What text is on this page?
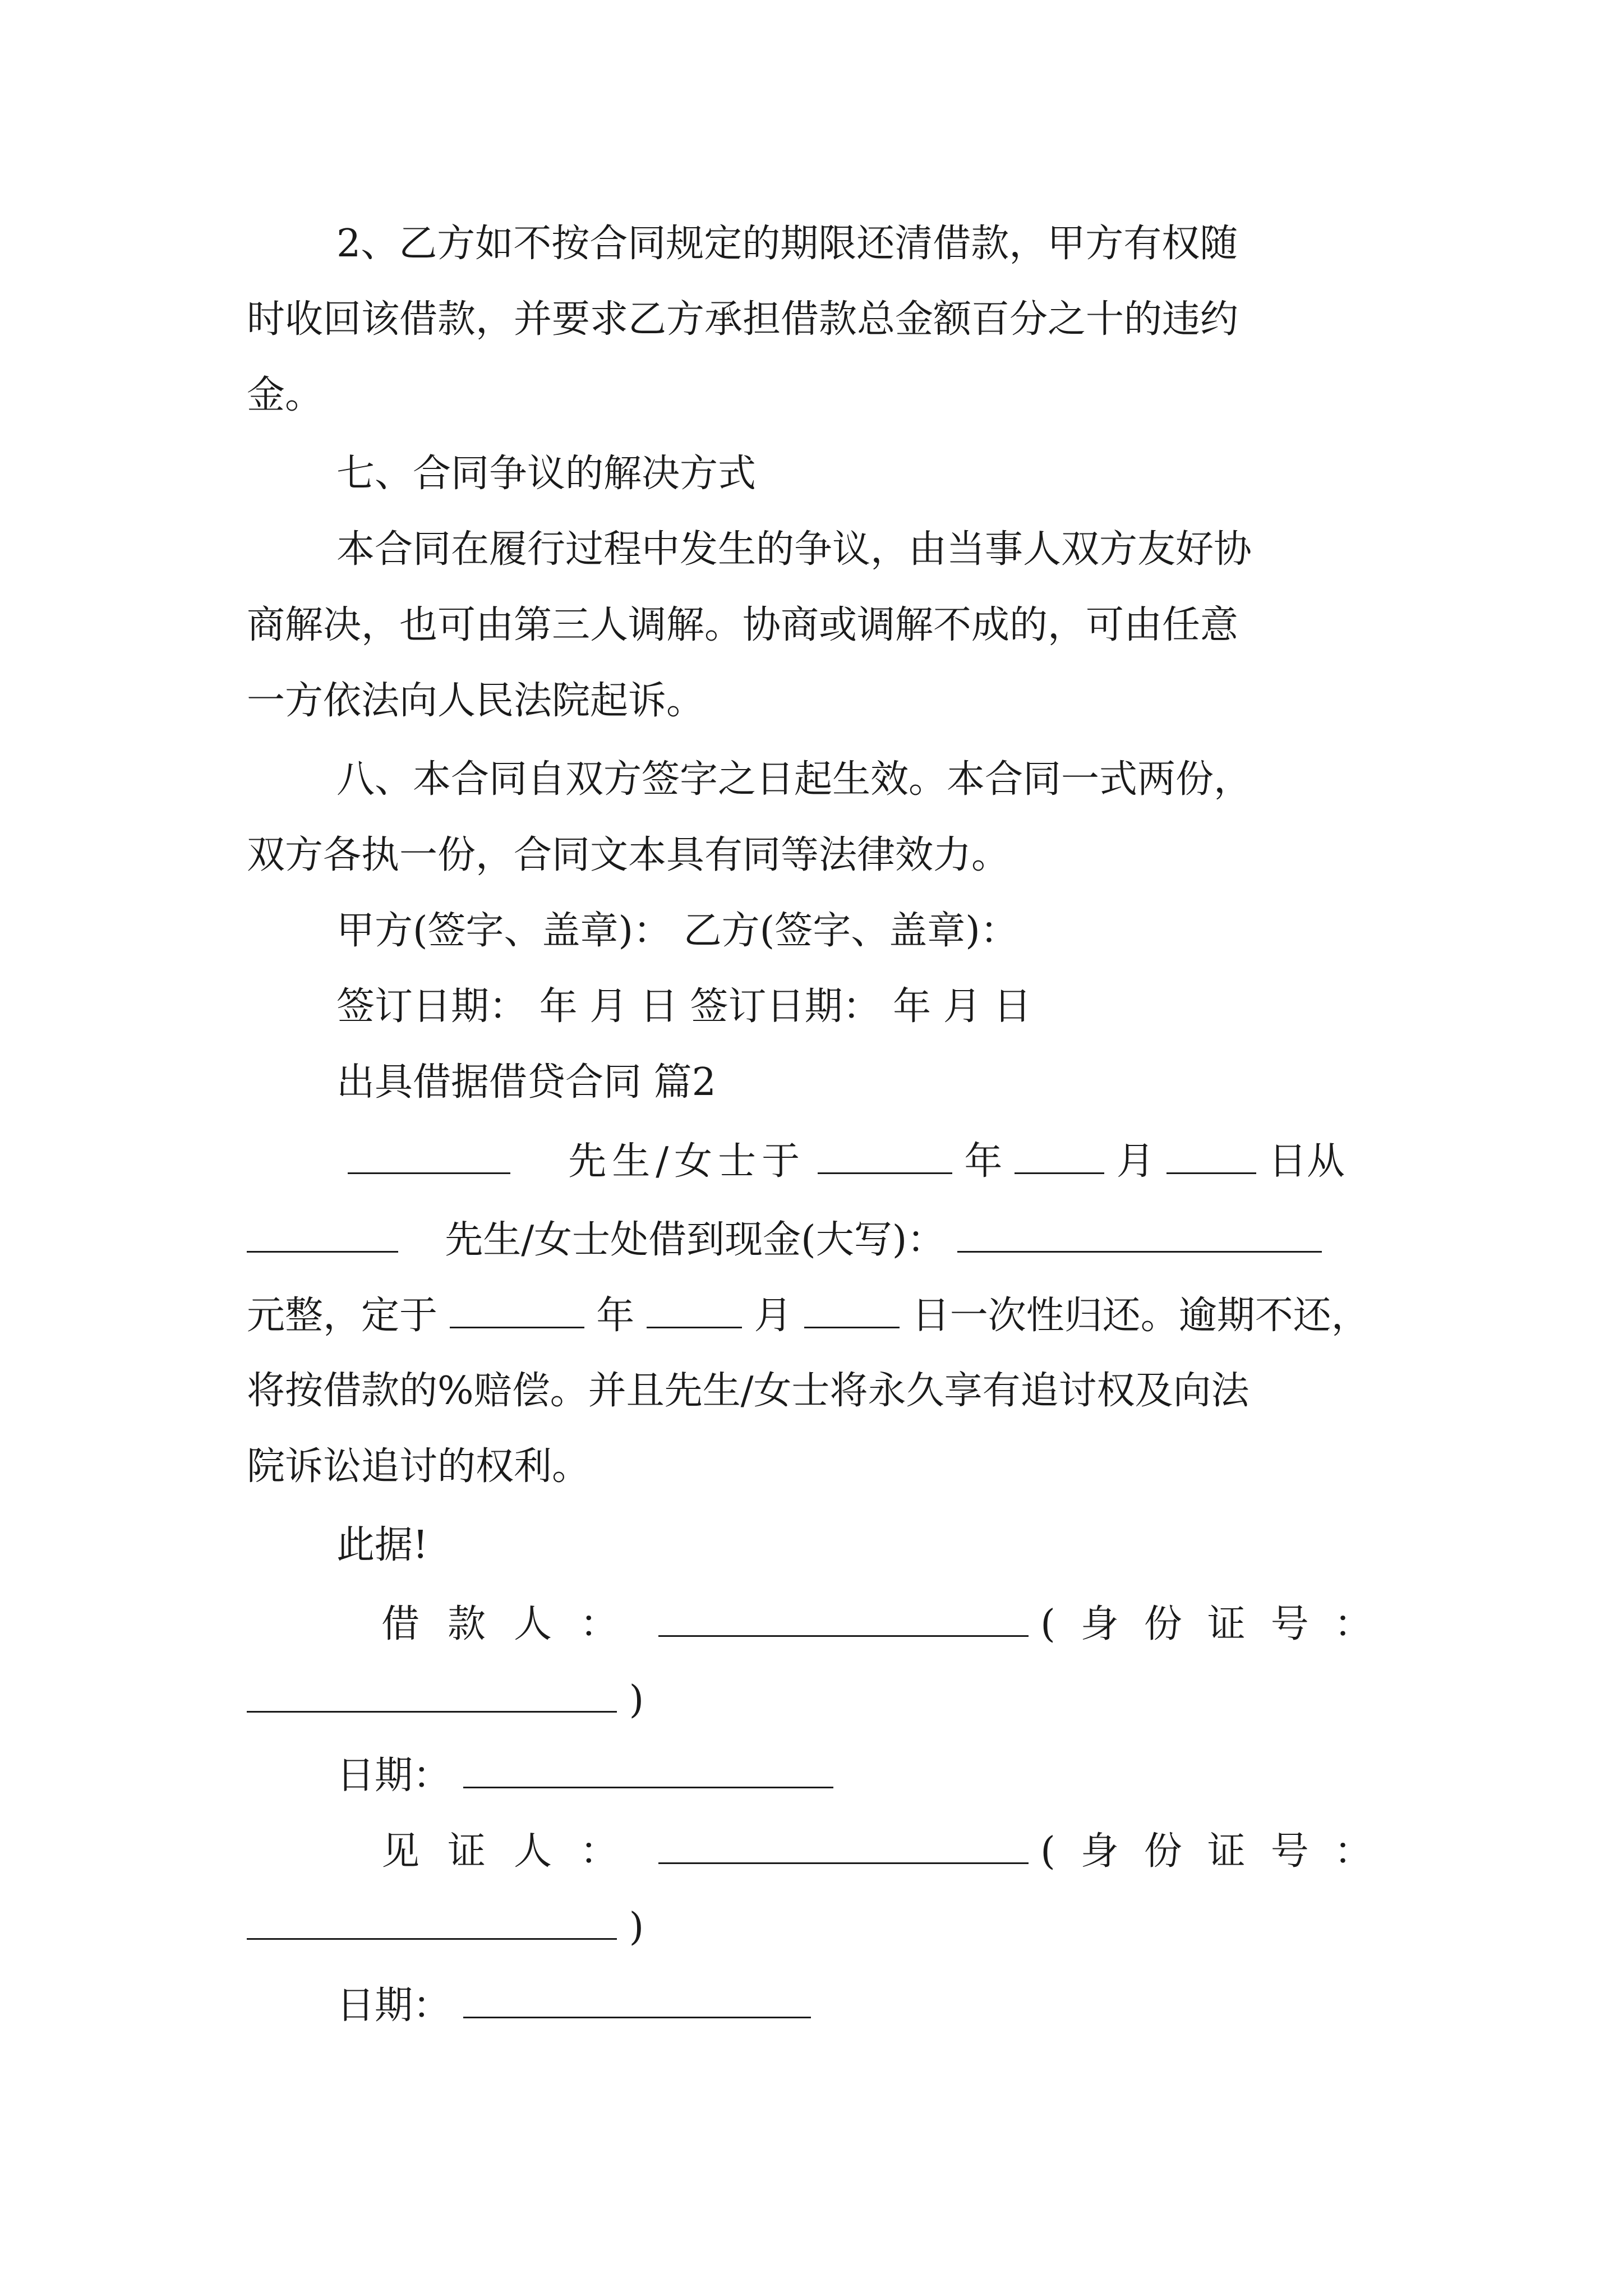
2、乙方如不按合同规定的期限还清借款，甲方有权随

时收回该借款，并要求乙方承担借款总金额百分之十的违约

金。

七、合同争议的解决方式

本合同在履行过程中发生的争议，由当事人双方友好协

商解决，也可由第三人调解。协商或调解不成的，可由任意

一方依法向人民法院起诉。

八、本合同自双方签字之日起生效。本合同一式两份，

双方各执一份，合同文本具有同等法律效力。

甲方(签字、盖章)： 乙方(签字、盖章)：

签订日期： 年 月 日 签订日期： 年 月 日

出具借据借贷合同 篇2

先生/女士于	年	月	日从
先生/女士处借到现金(大写)：
元整，定于	年	月	日一次性归还。逾期不还，

将按借款的%赔偿。并且先生/女士将永久享有追讨权及向法

院诉讼追讨的权利。

此据!

借款人：	(身份证号：
)
日期：
见证人：	(身份证号：
)
日期：
